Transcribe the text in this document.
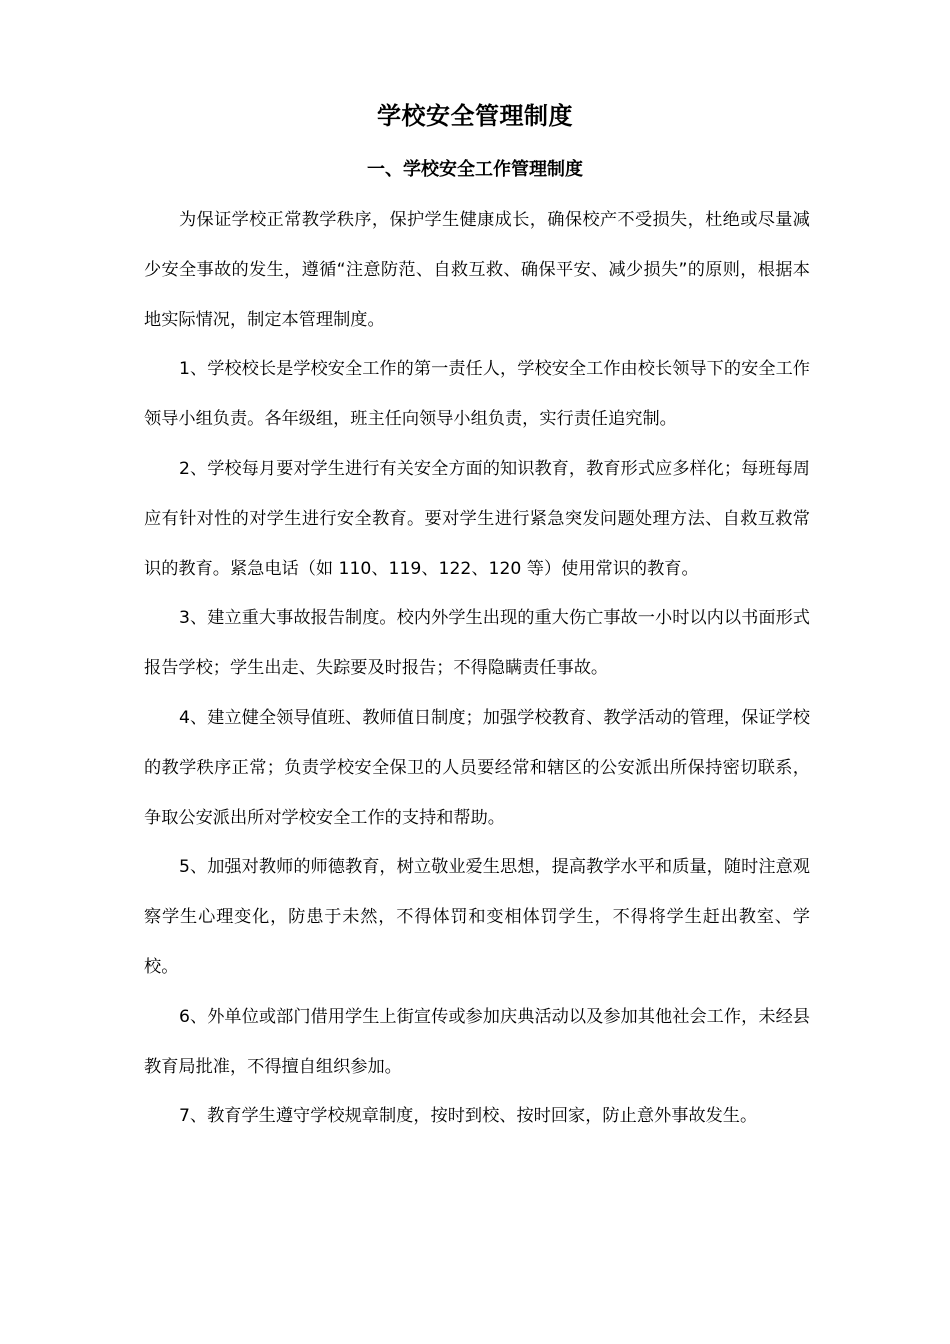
学校安全管理制度
一、学校安全工作管理制度

为保证学校正常教学秩序，保护学生健康成长，确保校产不受损失，杜绝或尽量减少安全事故的发生，遵循“注意防范、自救互救、确保平安、减少损失”的原则，根据本地实际情况，制定本管理制度。

1、学校校长是学校安全工作的第一责任人，学校安全工作由校长领导下的安全工作领导小组负责。各年级组，班主任向领导小组负责，实行责任追究制。

2、学校每月要对学生进行有关安全方面的知识教育，教育形式应多样化；每班每周应有针对性的对学生进行安全教育。要对学生进行紧急突发问题处理方法、自救互救常识的教育。紧急电话（如 110、119、122、120 等）使用常识的教育。

3、建立重大事故报告制度。校内外学生出现的重大伤亡事故一小时以内以书面形式报告学校；学生出走、失踪要及时报告；不得隐瞒责任事故。

4、建立健全领导值班、教师值日制度；加强学校教育、教学活动的管理，保证学校的教学秩序正常；负责学校安全保卫的人员要经常和辖区的公安派出所保持密切联系，争取公安派出所对学校安全工作的支持和帮助。

5、加强对教师的师德教育，树立敬业爱生思想，提高教学水平和质量，随时注意观察学生心理变化，防患于未然，不得体罚和变相体罚学生，不得将学生赶出教室、学校。

6、外单位或部门借用学生上街宣传或参加庆典活动以及参加其他社会工作，未经县教育局批准，不得擅自组织参加。

7、教育学生遵守学校规章制度，按时到校、按时回家，防止意外事故发生。
